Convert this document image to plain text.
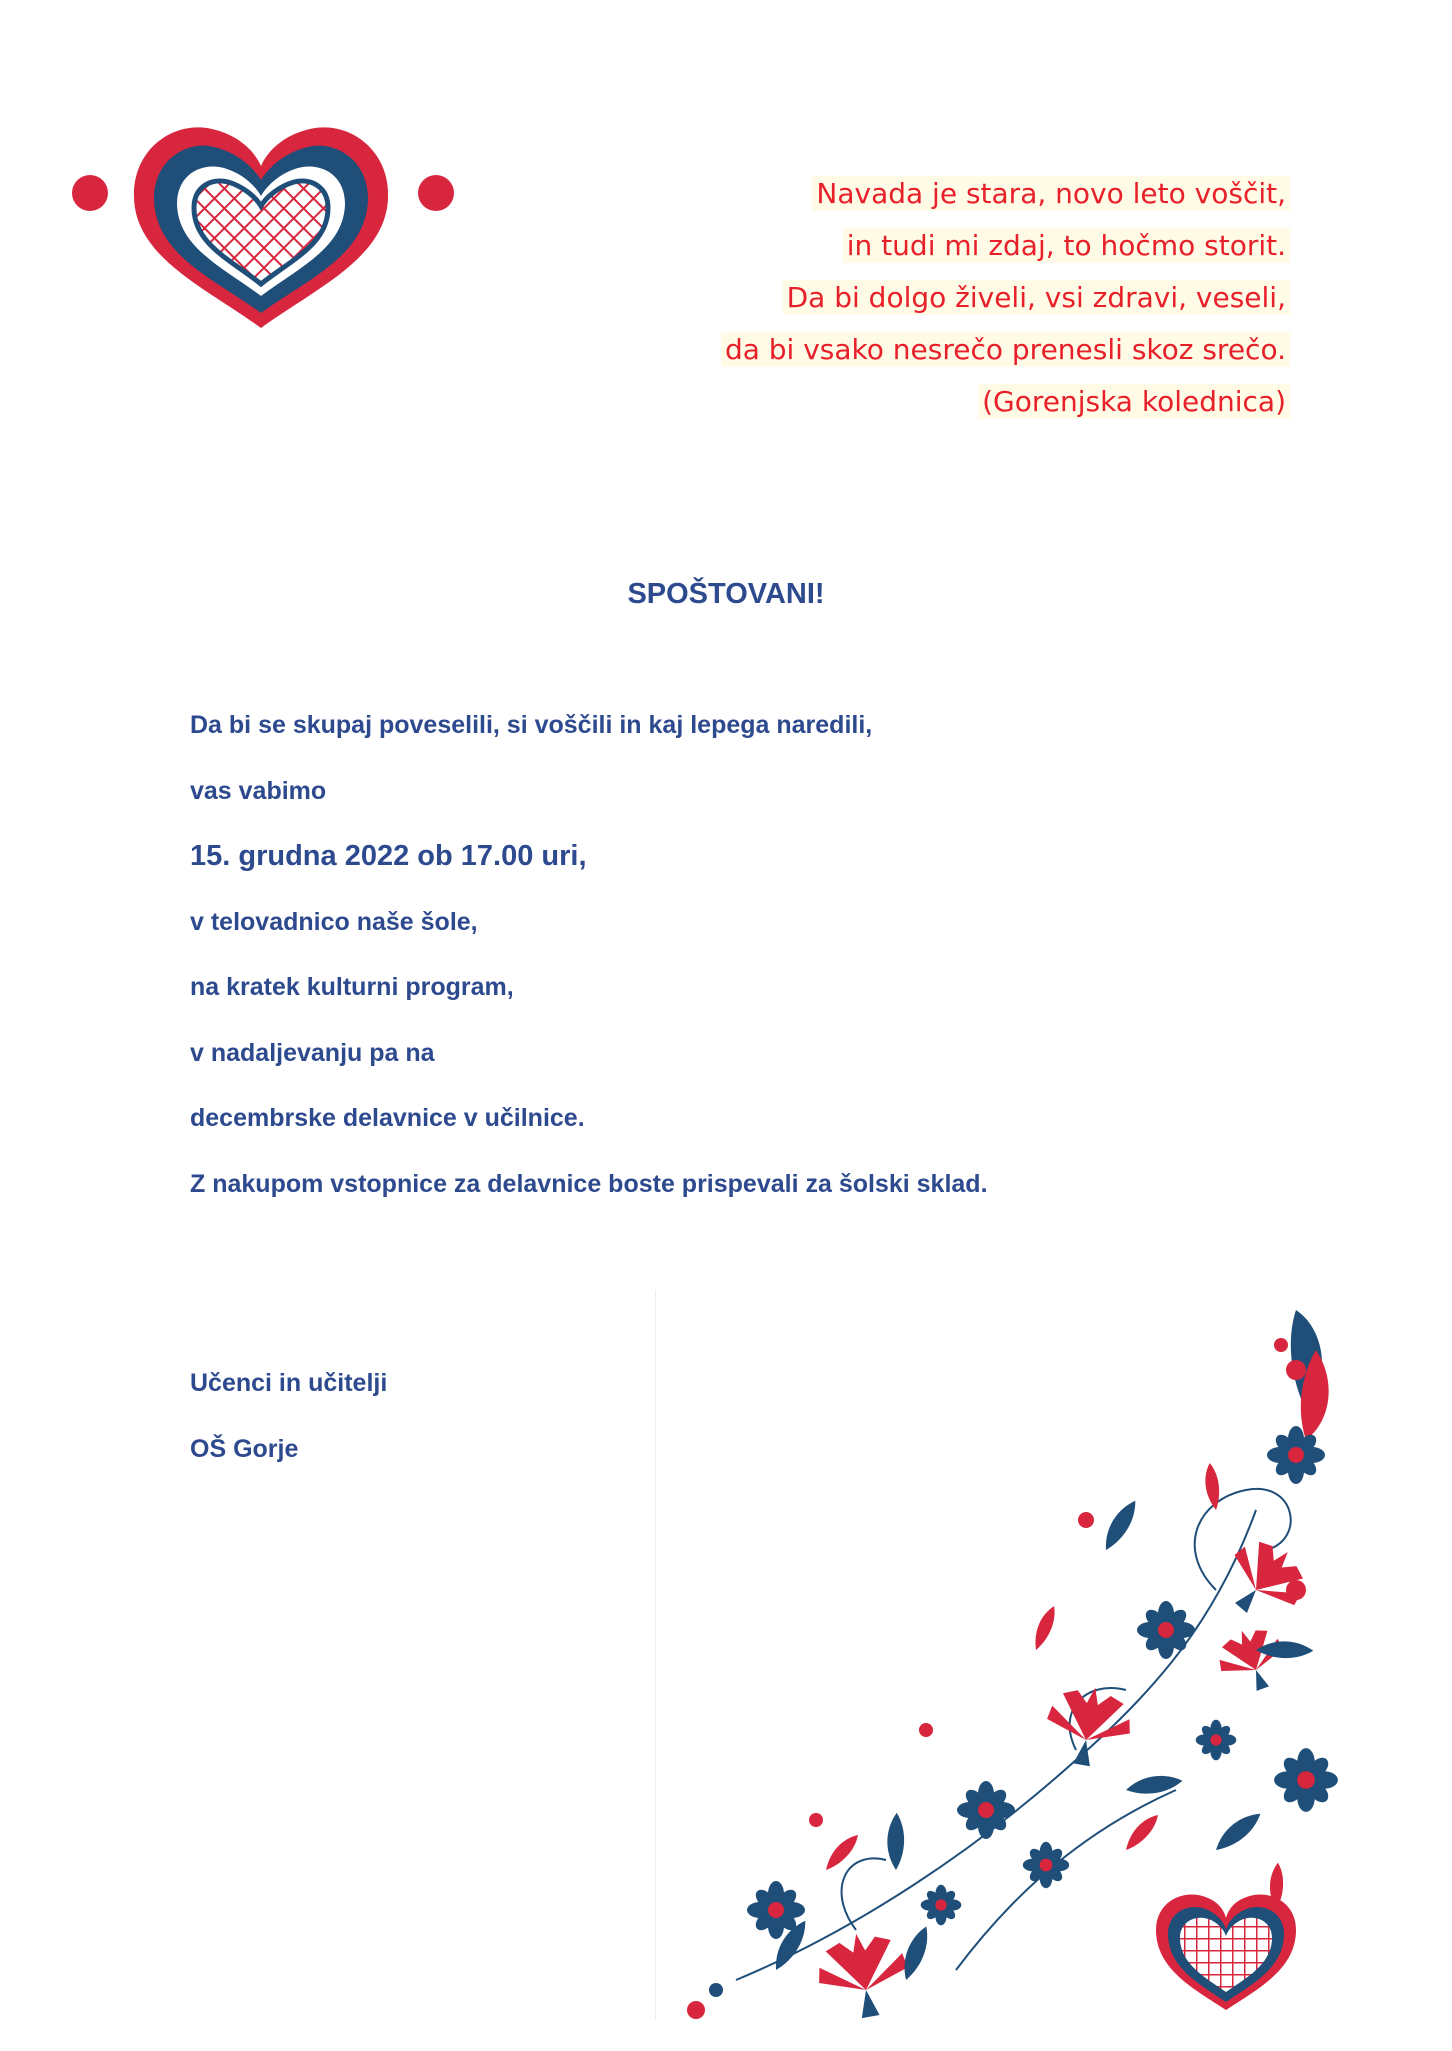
Navada je stara, novo leto voščit,
in tudi mi zdaj, to hočmo storit.
Da bi dolgo živeli, vsi zdravi, veseli,
da bi vsako nesrečo prenesli skoz srečo.
(Gorenjska kolednica)
SPOŠTOVANI!
Da bi se skupaj poveselili, si voščili in kaj lepega naredili,
vas vabimo
15. grudna 2022 ob 17.00 uri,
v telovadnico naše šole,
na kratek kulturni program,
v nadaljevanju pa na
decembrske delavnice v učilnice.
Z nakupom vstopnice za delavnice boste prispevali za šolski sklad.
Učenci in učitelji
OŠ Gorje
